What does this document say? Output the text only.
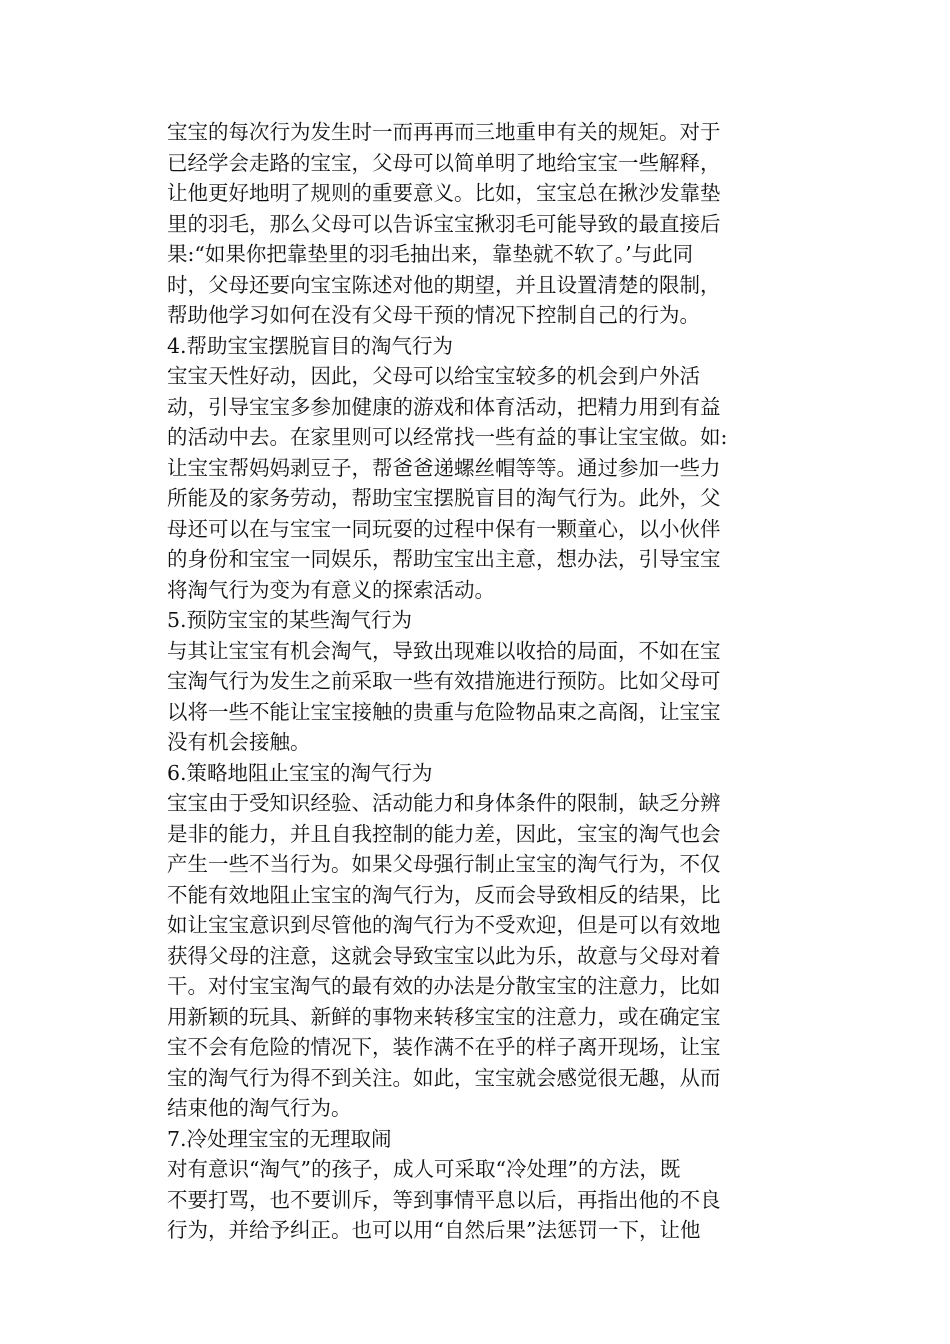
宝宝的每次行为发生时一而再再而三地重申有关的规矩。对于
已经学会走路的宝宝，父母可以简单明了地给宝宝一些解释，
让他更好地明了规则的重要意义。比如，宝宝总在揪沙发靠垫
里的羽毛，那么父母可以告诉宝宝揪羽毛可能导致的最直接后
果:“如果你把靠垫里的羽毛抽出来，靠垫就不软了。’与此同
时，父母还要向宝宝陈述对他的期望，并且设置清楚的限制，
帮助他学习如何在没有父母干预的情况下控制自己的行为。
4.帮助宝宝摆脱盲目的淘气行为
宝宝天性好动，因此，父母可以给宝宝较多的机会到户外活
动，引导宝宝多参加健康的游戏和体育活动，把精力用到有益
的活动中去。在家里则可以经常找一些有益的事让宝宝做。如:
让宝宝帮妈妈剥豆子，帮爸爸递螺丝帽等等。通过参加一些力
所能及的家务劳动，帮助宝宝摆脱盲目的淘气行为。此外，父
母还可以在与宝宝一同玩耍的过程中保有一颗童心，以小伙伴
的身份和宝宝一同娱乐，帮助宝宝出主意，想办法，引导宝宝
将淘气行为变为有意义的探索活动。
5.预防宝宝的某些淘气行为
与其让宝宝有机会淘气，导致出现难以收拾的局面，不如在宝
宝淘气行为发生之前采取一些有效措施进行预防。比如父母可
以将一些不能让宝宝接触的贵重与危险物品束之高阁，让宝宝
没有机会接触。
6.策略地阻止宝宝的淘气行为
宝宝由于受知识经验、活动能力和身体条件的限制，缺乏分辨
是非的能力，并且自我控制的能力差，因此，宝宝的淘气也会
产生一些不当行为。如果父母强行制止宝宝的淘气行为，不仅
不能有效地阻止宝宝的淘气行为，反而会导致相反的结果，比
如让宝宝意识到尽管他的淘气行为不受欢迎，但是可以有效地
获得父母的注意，这就会导致宝宝以此为乐，故意与父母对着
干。对付宝宝淘气的最有效的办法是分散宝宝的注意力，比如
用新颖的玩具、新鲜的事物来转移宝宝的注意力，或在确定宝
宝不会有危险的情况下，装作满不在乎的样子离开现场，让宝
宝的淘气行为得不到关注。如此，宝宝就会感觉很无趣，从而
结束他的淘气行为。
7.冷处理宝宝的无理取闹
对有意识“淘气”的孩子，成人可采取“冷处理”的方法，既
不要打骂，也不要训斥，等到事情平息以后，再指出他的不良
行为，并给予纠正。也可以用“自然后果”法惩罚一下，让他
